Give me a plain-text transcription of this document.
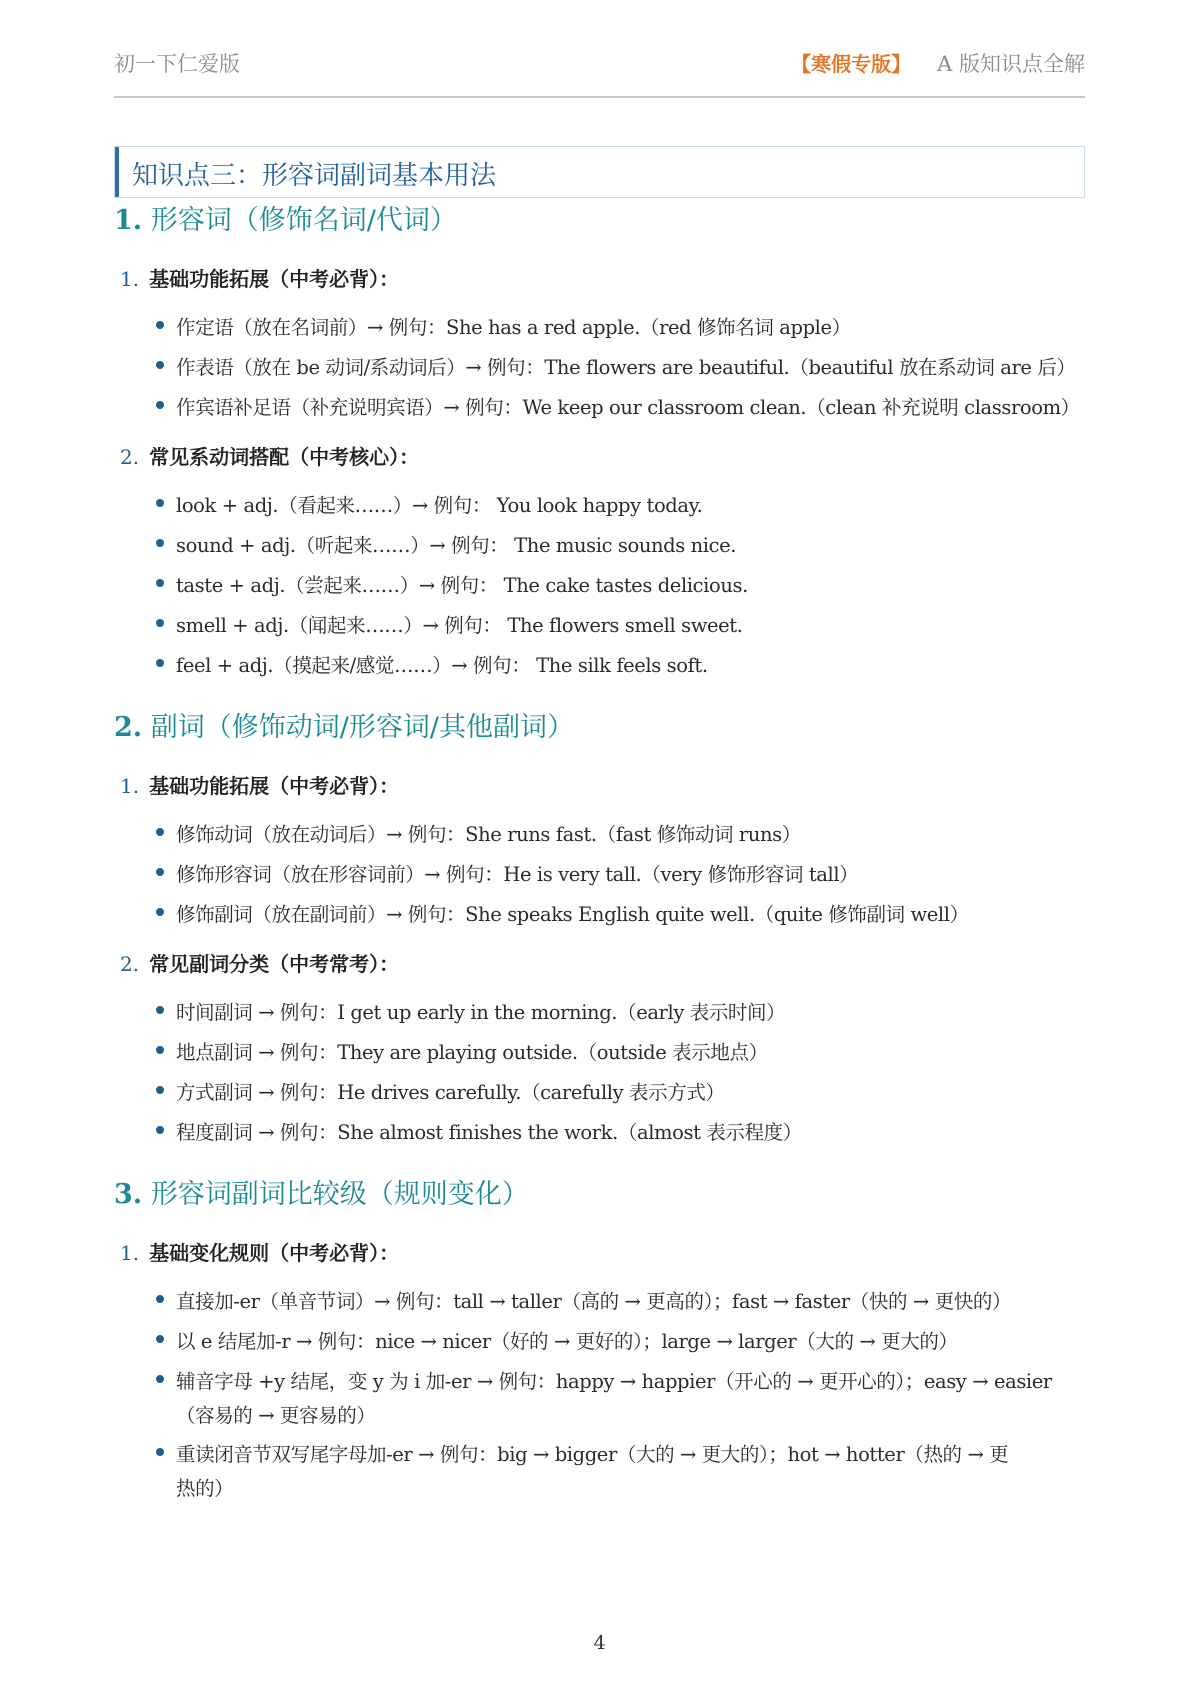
初一下仁爱版	【寒假专版】 A 版知识点全解
知识点三：形容词副词基本用法
1. 形容词（修饰名词/代词）
1. 基础功能拓展（中考必背）：
作定语（放在名词前）→ 例句：She has a red apple.（red 修饰名词 apple）
作表语（放在 be 动词/系动词后）→ 例句：The flowers are beautiful.（beautiful 放在系动词 are 后）
作宾语补足语（补充说明宾语）→ 例句：We keep our classroom clean.（clean 补充说明 classroom）
2. 常见系动词搭配（中考核心）：
look + adj.（看起来……）→ 例句： You look happy today.
sound + adj.（听起来……）→ 例句： The music sounds nice.
taste + adj.（尝起来……）→ 例句： The cake tastes delicious.
smell + adj.（闻起来……）→ 例句： The flowers smell sweet.
feel + adj.（摸起来/感觉……）→ 例句： The silk feels soft.
2. 副词（修饰动词/形容词/其他副词）
1. 基础功能拓展（中考必背）：
修饰动词（放在动词后）→ 例句：She runs fast.（fast 修饰动词 runs）
修饰形容词（放在形容词前）→ 例句：He is very tall.（very 修饰形容词 tall）
修饰副词（放在副词前）→ 例句：She speaks English quite well.（quite 修饰副词 well）
2. 常见副词分类（中考常考）：
时间副词 → 例句：I get up early in the morning.（early 表示时间）
地点副词 → 例句：They are playing outside.（outside 表示地点）
方式副词 → 例句：He drives carefully.（carefully 表示方式）
程度副词 → 例句：She almost finishes the work.（almost 表示程度）
3. 形容词副词比较级（规则变化）
1. 基础变化规则（中考必背）：
直接加-er（单音节词）→ 例句：tall → taller（高的 → 更高的）；fast → faster（快的 → 更快的）
以 e 结尾加-r → 例句：nice → nicer（好的 → 更好的）；large → larger（大的 → 更大的）
辅音字母 +y 结尾，变 y 为 i 加-er → 例句：happy → happier（开心的 → 更开心的）；easy → easier
（容易的 → 更容易的）
重读闭音节双写尾字母加-er → 例句：big → bigger（大的 → 更大的）；hot → hotter（热的 → 更
热的）
4
